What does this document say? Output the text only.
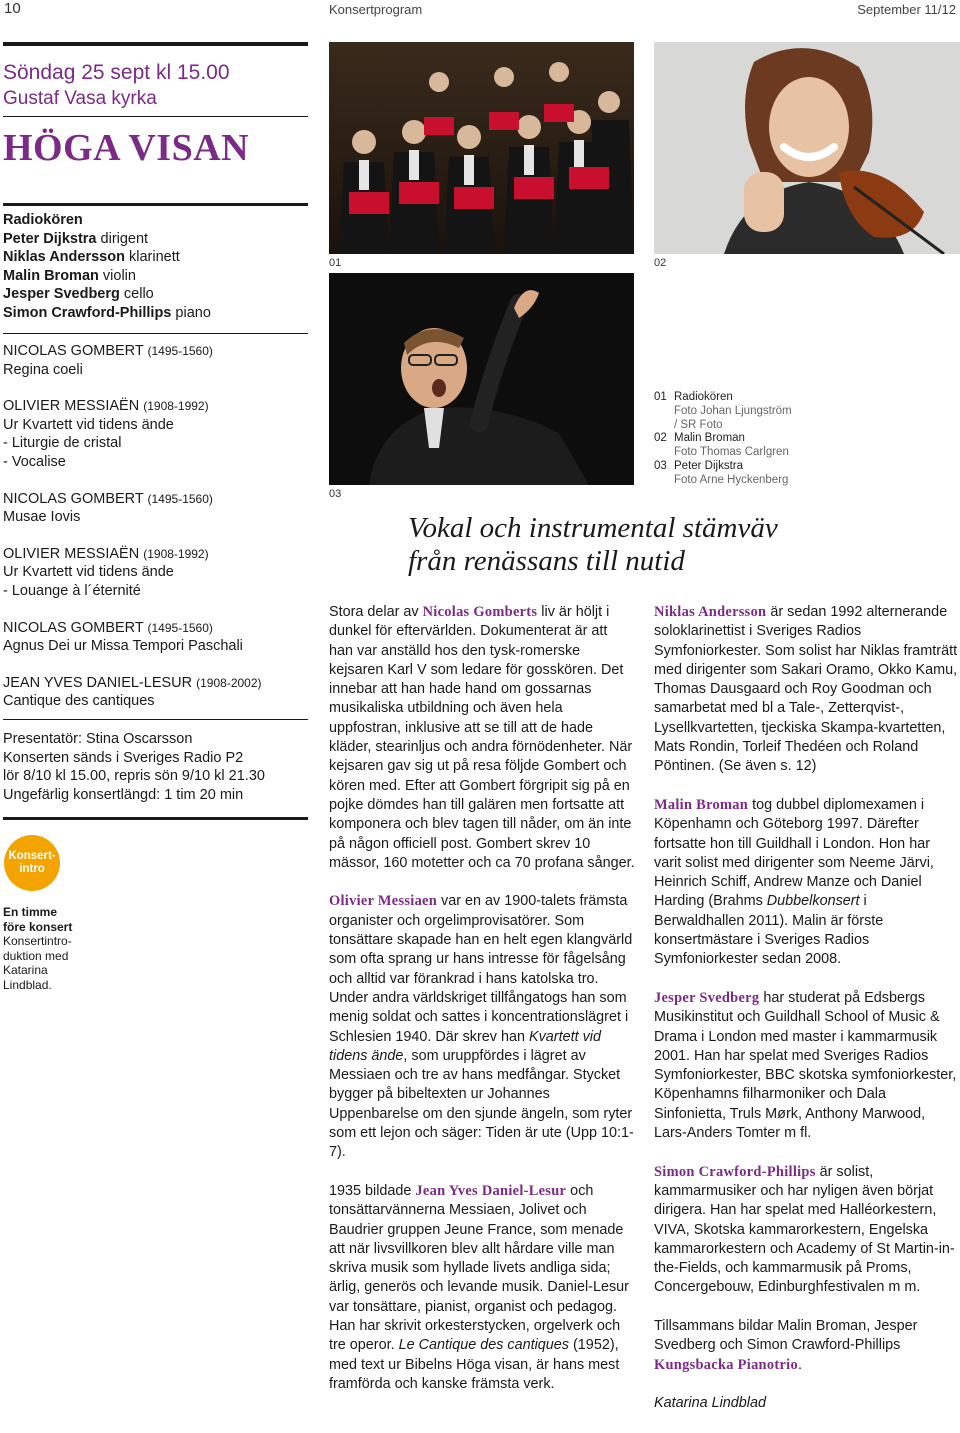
10	Konsertprogram	September 11/12
Söndag 25 sept kl 15.00
Gustaf Vasa kyrka
HÖGA VISAN
Radiokören
Peter Dijkstra dirigent
Niklas Andersson klarinett
Malin Broman violin
Jesper Svedberg cello
Simon Crawford-Phillips piano
NICOLAS GOMBERT (1495-1560)
Regina coeli
OLIVIER MESSIAËN (1908-1992)
Ur Kvartett vid tidens ände
- Liturgie de cristal
- Vocalise
NICOLAS GOMBERT (1495-1560)
Musae Iovis
OLIVIER MESSIAËN (1908-1992)
Ur Kvartett vid tidens ände
- Louange à l´éternité
NICOLAS GOMBERT (1495-1560)
Agnus Dei ur Missa Tempori Paschali
JEAN YVES DANIEL-LESUR (1908-2002)
Cantique des cantiques
Presentatör: Stina Oscarsson
Konserten sänds i Sveriges Radio P2
lör 8/10 kl 15.00, repris sön 9/10 kl 21.30
Ungefärlig konsertlängd: 1 tim 20 min
Konsert-
intro
En timme
före konsert
Konsertintro-
duktion med
Katarina
Lindblad.
01	02
03
01 Radiokören
Foto Johan Ljungström
/ SR Foto
02 Malin Broman
Foto Thomas Carlgren
03 Peter Dijkstra
Foto Arne Hyckenberg
Vokal och instrumental stämväv
från renässans till nutid

Stora delar av Nicolas Gomberts liv är höljt i dunkel för eftervärlden. Dokumenterat är att han var anställd hos den tysk-romerske kejsaren Karl V som ledare för gosskören. Det innebar att han hade hand om gossarnas musikaliska utbildning och även hela uppfostran, inklusive att se till att de hade kläder, stearinljus och andra förnödenheter. När kejsaren gav sig ut på resa följde Gombert och kören med. Efter att Gombert förgripit sig på en pojke dömdes han till galären men fortsatte att komponera och blev tagen till nåder, om än inte på någon officiell post. Gombert skrev 10 mässor, 160 motetter och ca 70 profana sånger.

Olivier Messiaen var en av 1900-talets främsta organister och orgelimprovisatörer. Som tonsättare skapade han en helt egen klangvärld som ofta sprang ur hans intresse för fågelsång och alltid var förankrad i hans katolska tro. Under andra världskriget tillfångatogs han som menig soldat och sattes i koncentrationslägret i Schlesien 1940. Där skrev han Kvartett vid tidens ände, som uruppfördes i lägret av Messiaen och tre av hans medfångar. Stycket bygger på bibeltexten ur Johannes Uppenbarelse om den sjunde ängeln, som ryter som ett lejon och säger: Tiden är ute (Upp 10:1-7).

1935 bildade Jean Yves Daniel-Lesur och tonsättarvännerna Messiaen, Jolivet och Baudrier gruppen Jeune France, som menade att när livsvillkoren blev allt hårdare ville man skriva musik som hyllade livets andliga sida; ärlig, generös och levande musik. Daniel-Lesur var tonsättare, pianist, organist och pedagog. Han har skrivit orkesterstycken, orgelverk och tre operor. Le Cantique des cantiques (1952), med text ur Bibelns Höga visan, är hans mest framförda och kanske främsta verk.

Niklas Andersson är sedan 1992 alternerande soloklarinettist i Sveriges Radios Symfoniorkester. Som solist har Niklas framträtt med dirigenter som Sakari Oramo, Okko Kamu, Thomas Dausgaard och Roy Goodman och samarbetat med bl a Tale-, Zetterqvist-, Lysellkvartetten, tjeckiska Skampa-kvartetten, Mats Rondin, Torleif Thedéen och Roland Pöntinen. (Se även s. 12)

Malin Broman tog dubbel diplomexamen i Köpenhamn och Göteborg 1997. Därefter fortsatte hon till Guildhall i London. Hon har varit solist med dirigenter som Neeme Järvi, Heinrich Schiff, Andrew Manze och Daniel Harding (Brahms Dubbelkonsert i Berwaldhallen 2011). Malin är förste konsertmästare i Sveriges Radios Symfoniorkester sedan 2008.

Jesper Svedberg har studerat på Edsbergs Musikinstitut och Guildhall School of Music & Drama i London med master i kammarmusik 2001. Han har spelat med Sveriges Radios Symfoniorkester, BBC skotska symfoniorkester, Köpenhamns filharmoniker och Dala Sinfonietta, Truls Mørk, Anthony Marwood, Lars-Anders Tomter m fl.

Simon Crawford-Phillips är solist, kammarmusiker och har nyligen även börjat dirigera. Han har spelat med Halléorkestern, VIVA, Skotska kammarorkestern, Engelska kammarorkestern och Academy of St Martin-in-the-Fields, och kammarmusik på Proms, Concergebouw, Edinburghfestivalen m m.

Tillsammans bildar Malin Broman, Jesper Svedberg och Simon Crawford-Phillips Kungsbacka Pianotrio.

Katarina Lindblad
